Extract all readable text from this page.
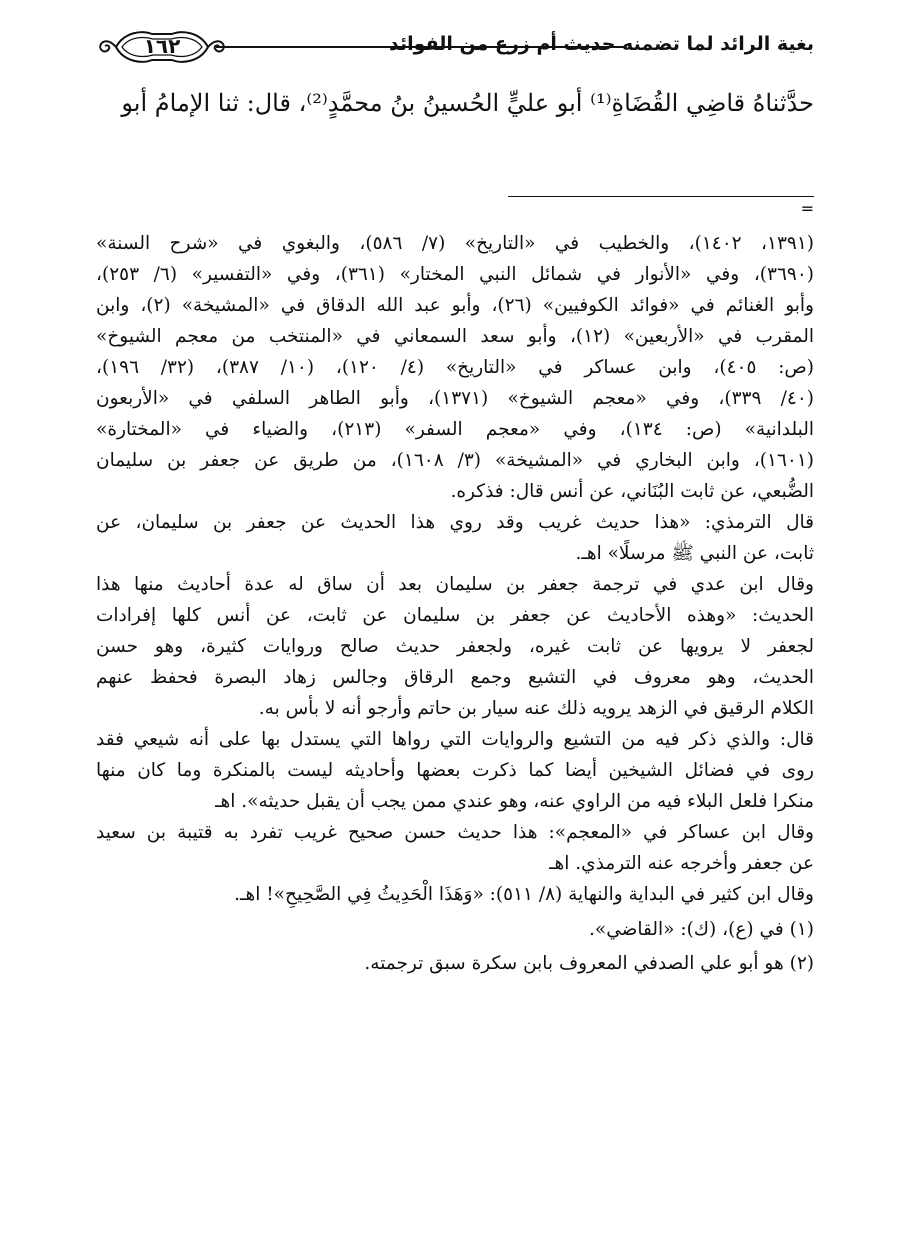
١٦٢	بغية الرائد لما تضمنه حديث أم زرع من الفوائد
حدَّثناهُ قاضِي القُضَاةِ⁽¹⁾ أبو عليٍّ الحُسينُ بنُ محمَّدٍ⁽²⁾، قال: ثنا الإمامُ أبو
=
(١٣٩١، ١٤٠٢)، والخطيب في «التاريخ» (٧/ ٥٨٦)، والبغوي في «شرح السنة»
(٣٦٩٠)، وفي «الأنوار في شمائل النبي المختار» (٣٦١)، وفي «التفسير» (٦/ ٢٥٣)،
وأبو الغنائم في «فوائد الكوفيين» (٢٦)، وأبو عبد الله الدقاق في «المشيخة» (٢)، وابن
المقرب في «الأربعين» (١٢)، وأبو سعد السمعاني في «المنتخب من معجم الشيوخ»
(ص: ٤٠٥)، وابن عساكر في «التاريخ» (٤/ ١٢٠)، (١٠/ ٣٨٧)، (٣٢/ ١٩٦)،
(٤٠/ ٣٣٩)، وفي «معجم الشيوخ» (١٣٧١)، وأبو الطاهر السلفي في «الأربعون
البلدانية» (ص: ١٣٤)، وفي «معجم السفر» (٢١٣)، والضياء في «المختارة»
(١٦٠١)، وابن البخاري في «المشيخة» (٣/ ١٦٠٨)، من طريق عن جعفر بن سليمان
الضُّبعي، عن ثابت البُنَاني، عن أنس قال: فذكره.
قال الترمذي: «هذا حديث غريب وقد روي هذا الحديث عن جعفر بن سليمان، عن
ثابت، عن النبي ﷺ مرسلًا» اهـ.
وقال ابن عدي في ترجمة جعفر بن سليمان بعد أن ساق له عدة أحاديث منها هذا
الحديث: «وهذه الأحاديث عن جعفر بن سليمان عن ثابت، عن أنس كلها إفرادات
لجعفر لا يرويها عن ثابت غيره، ولجعفر حديث صالح وروايات كثيرة، وهو حسن
الحديث، وهو معروف في التشيع وجمع الرقاق وجالس زهاد البصرة فحفظ عنهم
الكلام الرقيق في الزهد يرويه ذلك عنه سيار بن حاتم وأرجو أنه لا بأس به.
قال: والذي ذكر فيه من التشيع والروايات التي رواها التي يستدل بها على أنه شيعي فقد
روى في فضائل الشيخين أيضا كما ذكرت بعضها وأحاديثه ليست بالمنكرة وما كان منها
منكرا فلعل البلاء فيه من الراوي عنه، وهو عندي ممن يجب أن يقبل حديثه». اهـ
وقال ابن عساكر في «المعجم»: هذا حديث حسن صحيح غريب تفرد به قتيبة بن سعيد
عن جعفر وأخرجه عنه الترمذي. اهـ
وقال ابن كثير في البداية والنهاية (٨/ ٥١١): «وَهَذَا الْحَدِيثُ فِي الصَّحِيحِ»! اهـ.
(١) في (ع)، (ك): «القاضي».
(٢) هو أبو علي الصدفي المعروف بابن سكرة سبق ترجمته.
